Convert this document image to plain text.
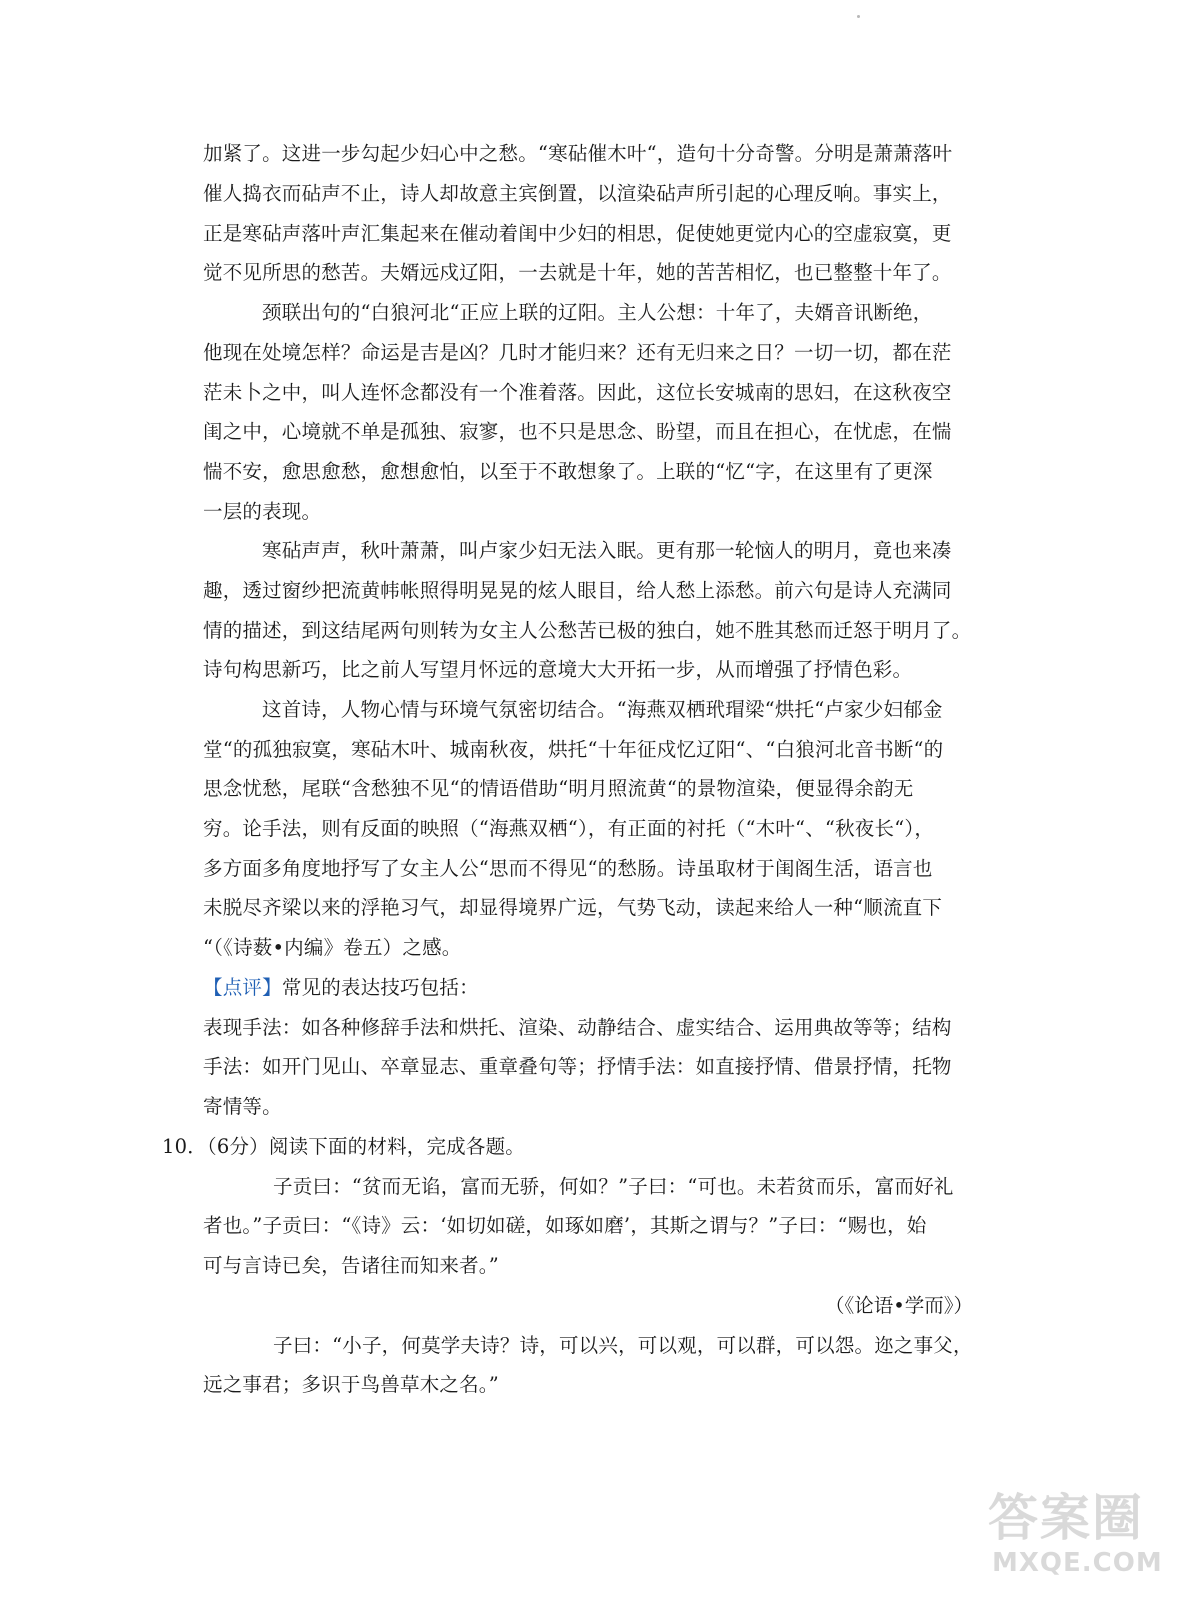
加紧了。这进一步勾起少妇心中之愁。“寒砧催木叶“，造句十分奇警。分明是萧萧落叶
催人捣衣而砧声不止，诗人却故意主宾倒置，以渲染砧声所引起的心理反响。事实上，
正是寒砧声落叶声汇集起来在催动着闺中少妇的相思，促使她更觉内心的空虚寂寞，更
觉不见所思的愁苦。夫婿远戍辽阳，一去就是十年，她的苦苦相忆，也已整整十年了。
颈联出句的“白狼河北“正应上联的辽阳。主人公想：十年了，夫婿音讯断绝，
他现在处境怎样？命运是吉是凶？几时才能归来？还有无归来之日？一切一切，都在茫
茫未卜之中，叫人连怀念都没有一个准着落。因此，这位长安城南的思妇，在这秋夜空
闺之中，心境就不单是孤独、寂寥，也不只是思念、盼望，而且在担心，在忧虑，在惴
惴不安，愈思愈愁，愈想愈怕，以至于不敢想象了。上联的“忆“字，在这里有了更深
一层的表现。
寒砧声声，秋叶萧萧，叫卢家少妇无法入眠。更有那一轮恼人的明月，竟也来凑
趣，透过窗纱把流黄帏帐照得明晃晃的炫人眼目，给人愁上添愁。前六句是诗人充满同
情的描述，到这结尾两句则转为女主人公愁苦已极的独白，她不胜其愁而迁怒于明月了。
诗句构思新巧，比之前人写望月怀远的意境大大开拓一步，从而增强了抒情色彩。
这首诗，人物心情与环境气氛密切结合。“海燕双栖玳瑁梁“烘托“卢家少妇郁金
堂“的孤独寂寞，寒砧木叶、城南秋夜，烘托“十年征戍忆辽阳“、“白狼河北音书断“的
思念忧愁，尾联“含愁独不见“的情语借助“明月照流黄“的景物渲染，便显得余韵无
穷。论手法，则有反面的映照（“海燕双栖“），有正面的衬托（“木叶“、“秋夜长“），
多方面多角度地抒写了女主人公“思而不得见“的愁肠。诗虽取材于闺阁生活，语言也
未脱尽齐梁以来的浮艳习气，却显得境界广远，气势飞动，读起来给人一种“顺流直下
“（《诗薮•内编》卷五）之感。
【点评】常见的表达技巧包括：
表现手法：如各种修辞手法和烘托、渲染、动静结合、虚实结合、运用典故等等；结构
手法：如开门见山、卒章显志、重章叠句等；抒情手法：如直接抒情、借景抒情，托物
寄情等。
10．（6分）阅读下面的材料，完成各题。
子贡曰：“贫而无谄，富而无骄，何如？”子曰：“可也。未若贫而乐，富而好礼
者也。”子贡曰：“《诗》云：‘如切如磋，如琢如磨’，其斯之谓与？”子曰：“赐也，始
可与言诗已矣，告诸往而知来者。”
（《论语•学而》）
子曰：“小子，何莫学夫诗？诗，可以兴，可以观，可以群，可以怨。迩之事父，
远之事君；多识于鸟兽草木之名。”
答案圈
MXQE.COM
